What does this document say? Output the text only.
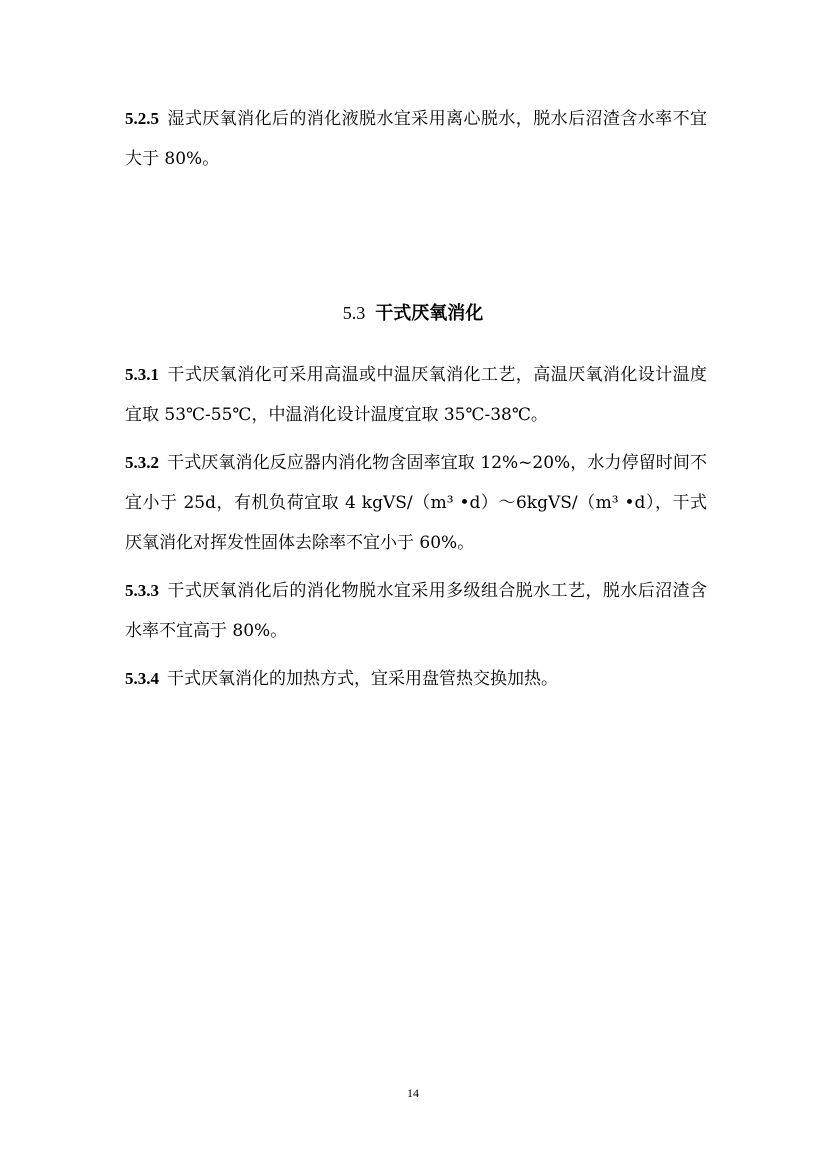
5.2.5 湿式厌氧消化后的消化液脱水宜采用离心脱水，脱水后沼渣含水率不宜大于 80%。

5.3 干式厌氧消化

5.3.1 干式厌氧消化可采用高温或中温厌氧消化工艺，高温厌氧消化设计温度宜取 53℃-55℃，中温消化设计温度宜取 35℃-38℃。

5.3.2 干式厌氧消化反应器内消化物含固率宜取 12%~20%，水力停留时间不宜小于 25d，有机负荷宜取 4 kgVS/（m³ •d）～6kgVS/（m³ •d），干式厌氧消化对挥发性固体去除率不宜小于 60%。

5.3.3 干式厌氧消化后的消化物脱水宜采用多级组合脱水工艺，脱水后沼渣含水率不宜高于 80%。

5.3.4 干式厌氧消化的加热方式，宜采用盘管热交换加热。

14
